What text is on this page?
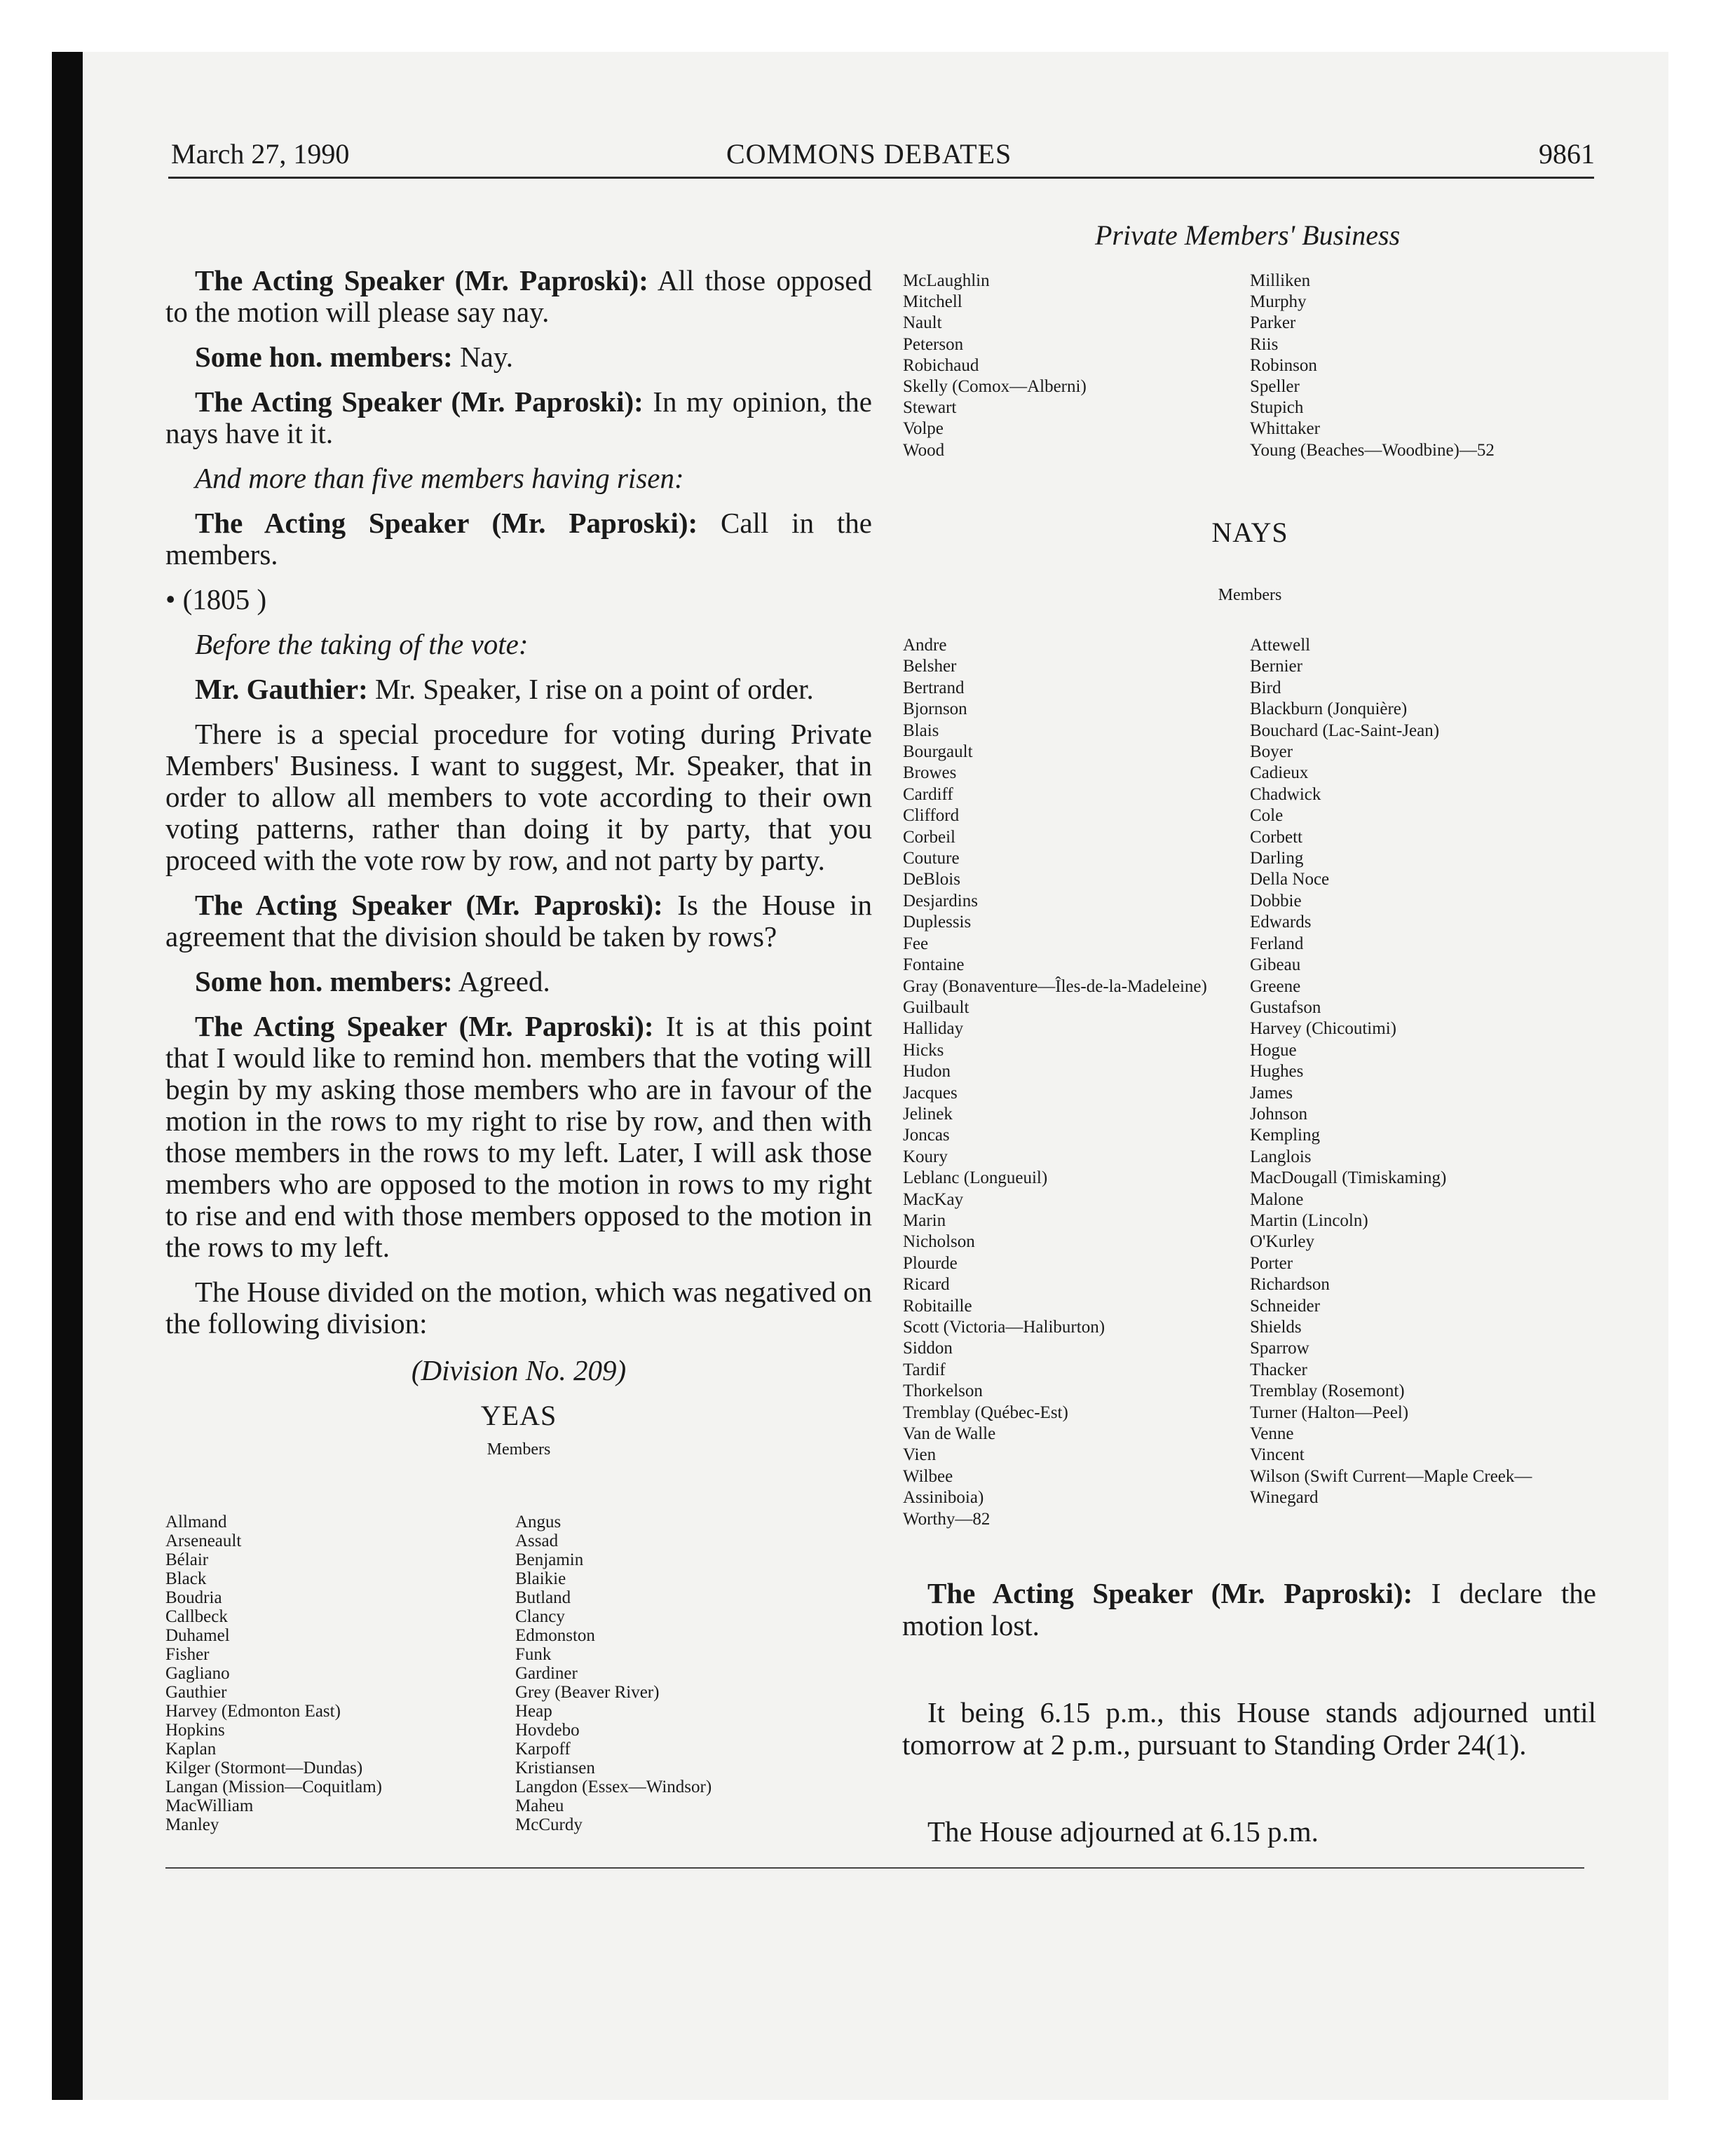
March 27, 1990	COMMONS DEBATES	9861
Private Members' Business

The Acting Speaker (Mr. Paproski): All those opposed to the motion will please say nay.

Some hon. members: Nay.

The Acting Speaker (Mr. Paproski): In my opinion, the nays have it it.

And more than five members having risen:

The Acting Speaker (Mr. Paproski): Call in the members.

• (1805 )

Before the taking of the vote:

Mr. Gauthier: Mr. Speaker, I rise on a point of order.

There is a special procedure for voting during Private Members' Business. I want to suggest, Mr. Speaker, that in order to allow all members to vote according to their own voting patterns, rather than doing it by party, that you proceed with the vote row by row, and not party by party.

The Acting Speaker (Mr. Paproski): Is the House in agreement that the division should be taken by rows?

Some hon. members: Agreed.

The Acting Speaker (Mr. Paproski): It is at this point that I would like to remind hon. members that the voting will begin by my asking those members who are in favour of the motion in the rows to my right to rise by row, and then with those members in the rows to my left. Later, I will ask those members who are opposed to the motion in rows to my right to rise and end with those members opposed to the motion in the rows to my left.

The House divided on the motion, which was negatived on the following division:

(Division No. 209)

YEAS

Members

Allmand
Arseneault
Bélair
Black
Boudria
Callbeck
Duhamel
Fisher
Gagliano
Gauthier
Harvey (Edmonton East)
Hopkins
Kaplan
Kilger (Stormont—Dundas)
Langan (Mission—Coquitlam)
MacWilliam
Manley
Angus
Assad
Benjamin
Blaikie
Butland
Clancy
Edmonston
Funk
Gardiner
Grey (Beaver River)
Heap
Hovdebo
Karpoff
Kristiansen
Langdon (Essex—Windsor)
Maheu
McCurdy
McLaughlin
Mitchell
Nault
Peterson
Robichaud
Skelly (Comox—Alberni)
Stewart
Volpe
Wood
Milliken
Murphy
Parker
Riis
Robinson
Speller
Stupich
Whittaker
Young (Beaches—Woodbine)—52
NAYS
Members
Andre
Belsher
Bertrand
Bjornson
Blais
Bourgault
Browes
Cardiff
Clifford
Corbeil
Couture
DeBlois
Desjardins
Duplessis
Fee
Fontaine
Gray (Bonaventure—Îles-de-la-Madeleine)
Guilbault
Halliday
Hicks
Hudon
Jacques
Jelinek
Joncas
Koury
Leblanc (Longueuil)
MacKay
Marin
Nicholson
Plourde
Ricard
Robitaille
Scott (Victoria—Haliburton)
Siddon
Tardif
Thorkelson
Tremblay (Québec-Est)
Van de Walle
Vien
Wilbee
Assiniboia)
Worthy—82
Attewell
Bernier
Bird
Blackburn (Jonquière)
Bouchard (Lac-Saint-Jean)
Boyer
Cadieux
Chadwick
Cole
Corbett
Darling
Della Noce
Dobbie
Edwards
Ferland
Gibeau
Greene
Gustafson
Harvey (Chicoutimi)
Hogue
Hughes
James
Johnson
Kempling
Langlois
MacDougall (Timiskaming)
Malone
Martin (Lincoln)
O'Kurley
Porter
Richardson
Schneider
Shields
Sparrow
Thacker
Tremblay (Rosemont)
Turner (Halton—Peel)
Venne
Vincent
Wilson (Swift Current—Maple Creek—
Winegard

The Acting Speaker (Mr. Paproski): I declare the motion lost.

It being 6.15 p.m., this House stands adjourned until tomorrow at 2 p.m., pursuant to Standing Order 24(1).

The House adjourned at 6.15 p.m.
